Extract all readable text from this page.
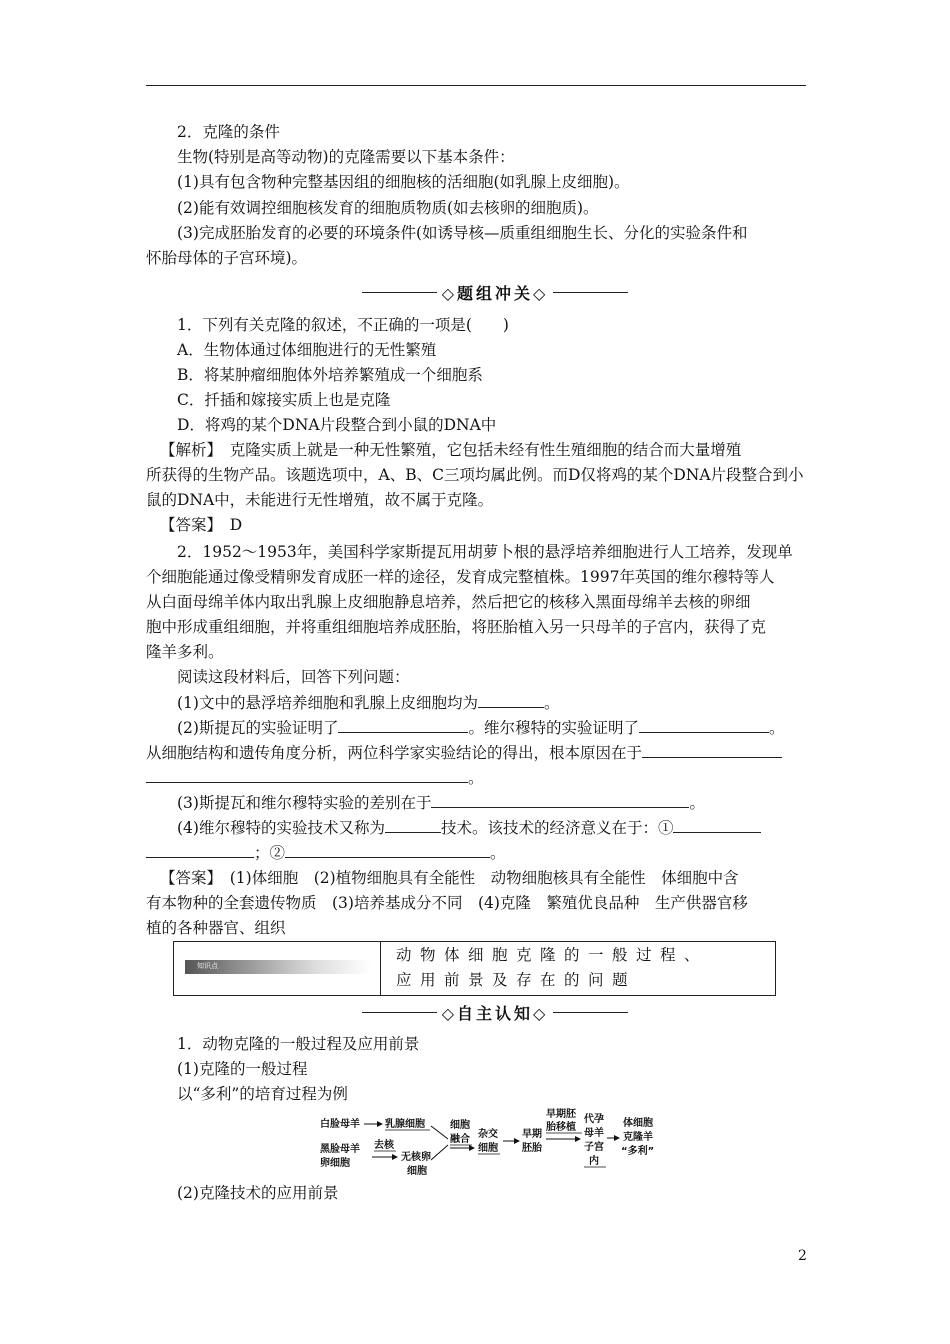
2．克隆的条件
生物(特别是高等动物)的克隆需要以下基本条件：
(1)具有包含物种完整基因组的细胞核的活细胞(如乳腺上皮细胞)。
(2)能有效调控细胞核发育的细胞质物质(如去核卵的细胞质)。
(3)完成胚胎发育的必要的环境条件(如诱导核—质重组细胞生长、分化的实验条件和
怀胎母体的子宫环境)。
◇题组冲关◇
1．下列有关克隆的叙述，不正确的一项是(　　)
A．生物体通过体细胞进行的无性繁殖
B．将某肿瘤细胞体外培养繁殖成一个细胞系
C．扦插和嫁接实质上也是克隆
D．将鸡的某个DNA片段整合到小鼠的DNA中
【解析】　克隆实质上就是一种无性繁殖，它包括未经有性生殖细胞的结合而大量增殖
所获得的生物产品。该题选项中，A、B、C三项均属此例。而D仅将鸡的某个DNA片段整合到小
鼠的DNA中，未能进行无性增殖，故不属于克隆。
【答案】　D
2．1952～1953年，美国科学家斯提瓦用胡萝卜根的悬浮培养细胞进行人工培养，发现单
个细胞能通过像受精卵发育成胚一样的途径，发育成完整植株。1997年英国的维尔穆特等人
从白面母绵羊体内取出乳腺上皮细胞静息培养，然后把它的核移入黑面母绵羊去核的卵细
胞中形成重组细胞，并将重组细胞培养成胚胎，将胚胎植入另一只母羊的子宫内，获得了克
隆羊多利。
阅读这段材料后，回答下列问题：
(1)文中的悬浮培养细胞和乳腺上皮细胞均为	。
(2)斯提瓦的实验证明了	。维尔穆特的实验证明了	。
从细胞结构和遗传角度分析，两位科学家实验结论的得出，根本原因在于
。
(3)斯提瓦和维尔穆特实验的差别在于	。
(4)维尔穆特的实验技术又称为	技术。该技术的经济意义在于：①
；②	。
【答案】　(1)体细胞　(2)植物细胞具有全能性　动物细胞核具有全能性　体细胞中含
有本物种的全套遗传物质　(3)培养基成分不同　(4)克隆　繁殖优良品种　生产供器官移
植的各种器官、组织
知识点
动物体细胞克隆的一般过程、
应用前景及存在的问题
◇自主认知◇
1．动物克隆的一般过程及应用前景
(1)克隆的一般过程
以“多利”的培育过程为例
白脸母羊	乳腺细胞
黑脸母羊
卵细胞
去核
无核卵
细胞
细胞
融合 杂交
细胞
早期
胚胎
早期胚
胎移植
代孕
母羊
子宫
内
体细胞
克隆羊
“多利”
(2)克隆技术的应用前景
2
